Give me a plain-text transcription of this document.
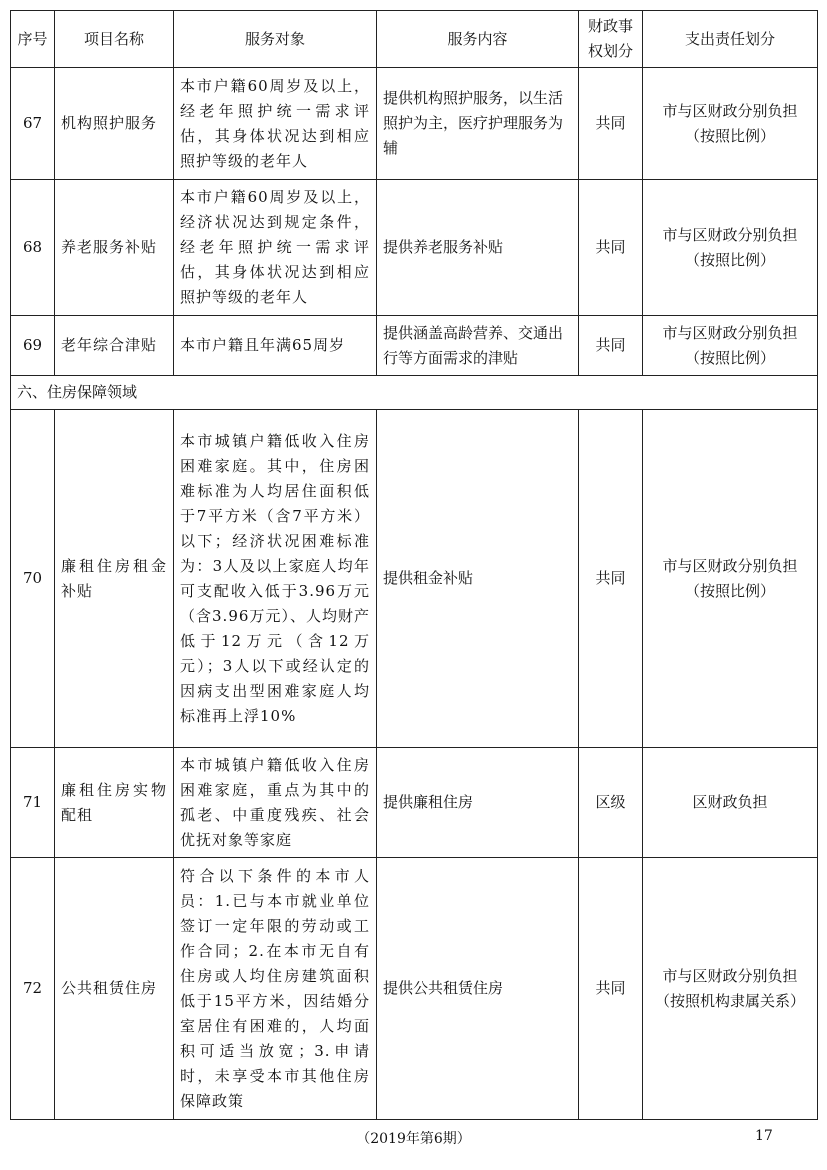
序号	项目名称	服务对象	服务内容	财政事权划分	支出责任划分
67	机构照护服务	本市户籍60周岁及以上，经老年照护统一需求评估，其身体状况达到相应照护等级的老年人	提供机构照护服务，以生活照护为主，医疗护理服务为辅	共同	市与区财政分别负担（按照比例）
68	养老服务补贴	本市户籍60周岁及以上，经济状况达到规定条件，经老年照护统一需求评估，其身体状况达到相应照护等级的老年人	提供养老服务补贴	共同	市与区财政分别负担（按照比例）
69	老年综合津贴	本市户籍且年满65周岁	提供涵盖高龄营养、交通出行等方面需求的津贴	共同	市与区财政分别负担（按照比例）
六、住房保障领域					
70	廉租住房租金补贴	本市城镇户籍低收入住房困难家庭。其中，住房困难标准为人均居住面积低于7平方米（含7平方米）以下；经济状况困难标准为：3人及以上家庭人均年可支配收入低于3.96万元（含3.96万元）、人均财产低于12万元（含12万元）；3人以下或经认定的因病支出型困难家庭人均标准再上浮10%	提供租金补贴	共同	市与区财政分别负担（按照比例）
71	廉租住房实物配租	本市城镇户籍低收入住房困难家庭，重点为其中的孤老、中重度残疾、社会优抚对象等家庭	提供廉租住房	区级	区财政负担
72	公共租赁住房	符合以下条件的本市人员：1.已与本市就业单位签订一定年限的劳动或工作合同；2.在本市无自有住房或人均住房建筑面积低于15平方米，因结婚分室居住有困难的，人均面积可适当放宽；3.申请时，未享受本市其他住房保障政策	提供公共租赁住房	共同	市与区财政分别负担（按照机构隶属关系）
（2019年第6期）	17
